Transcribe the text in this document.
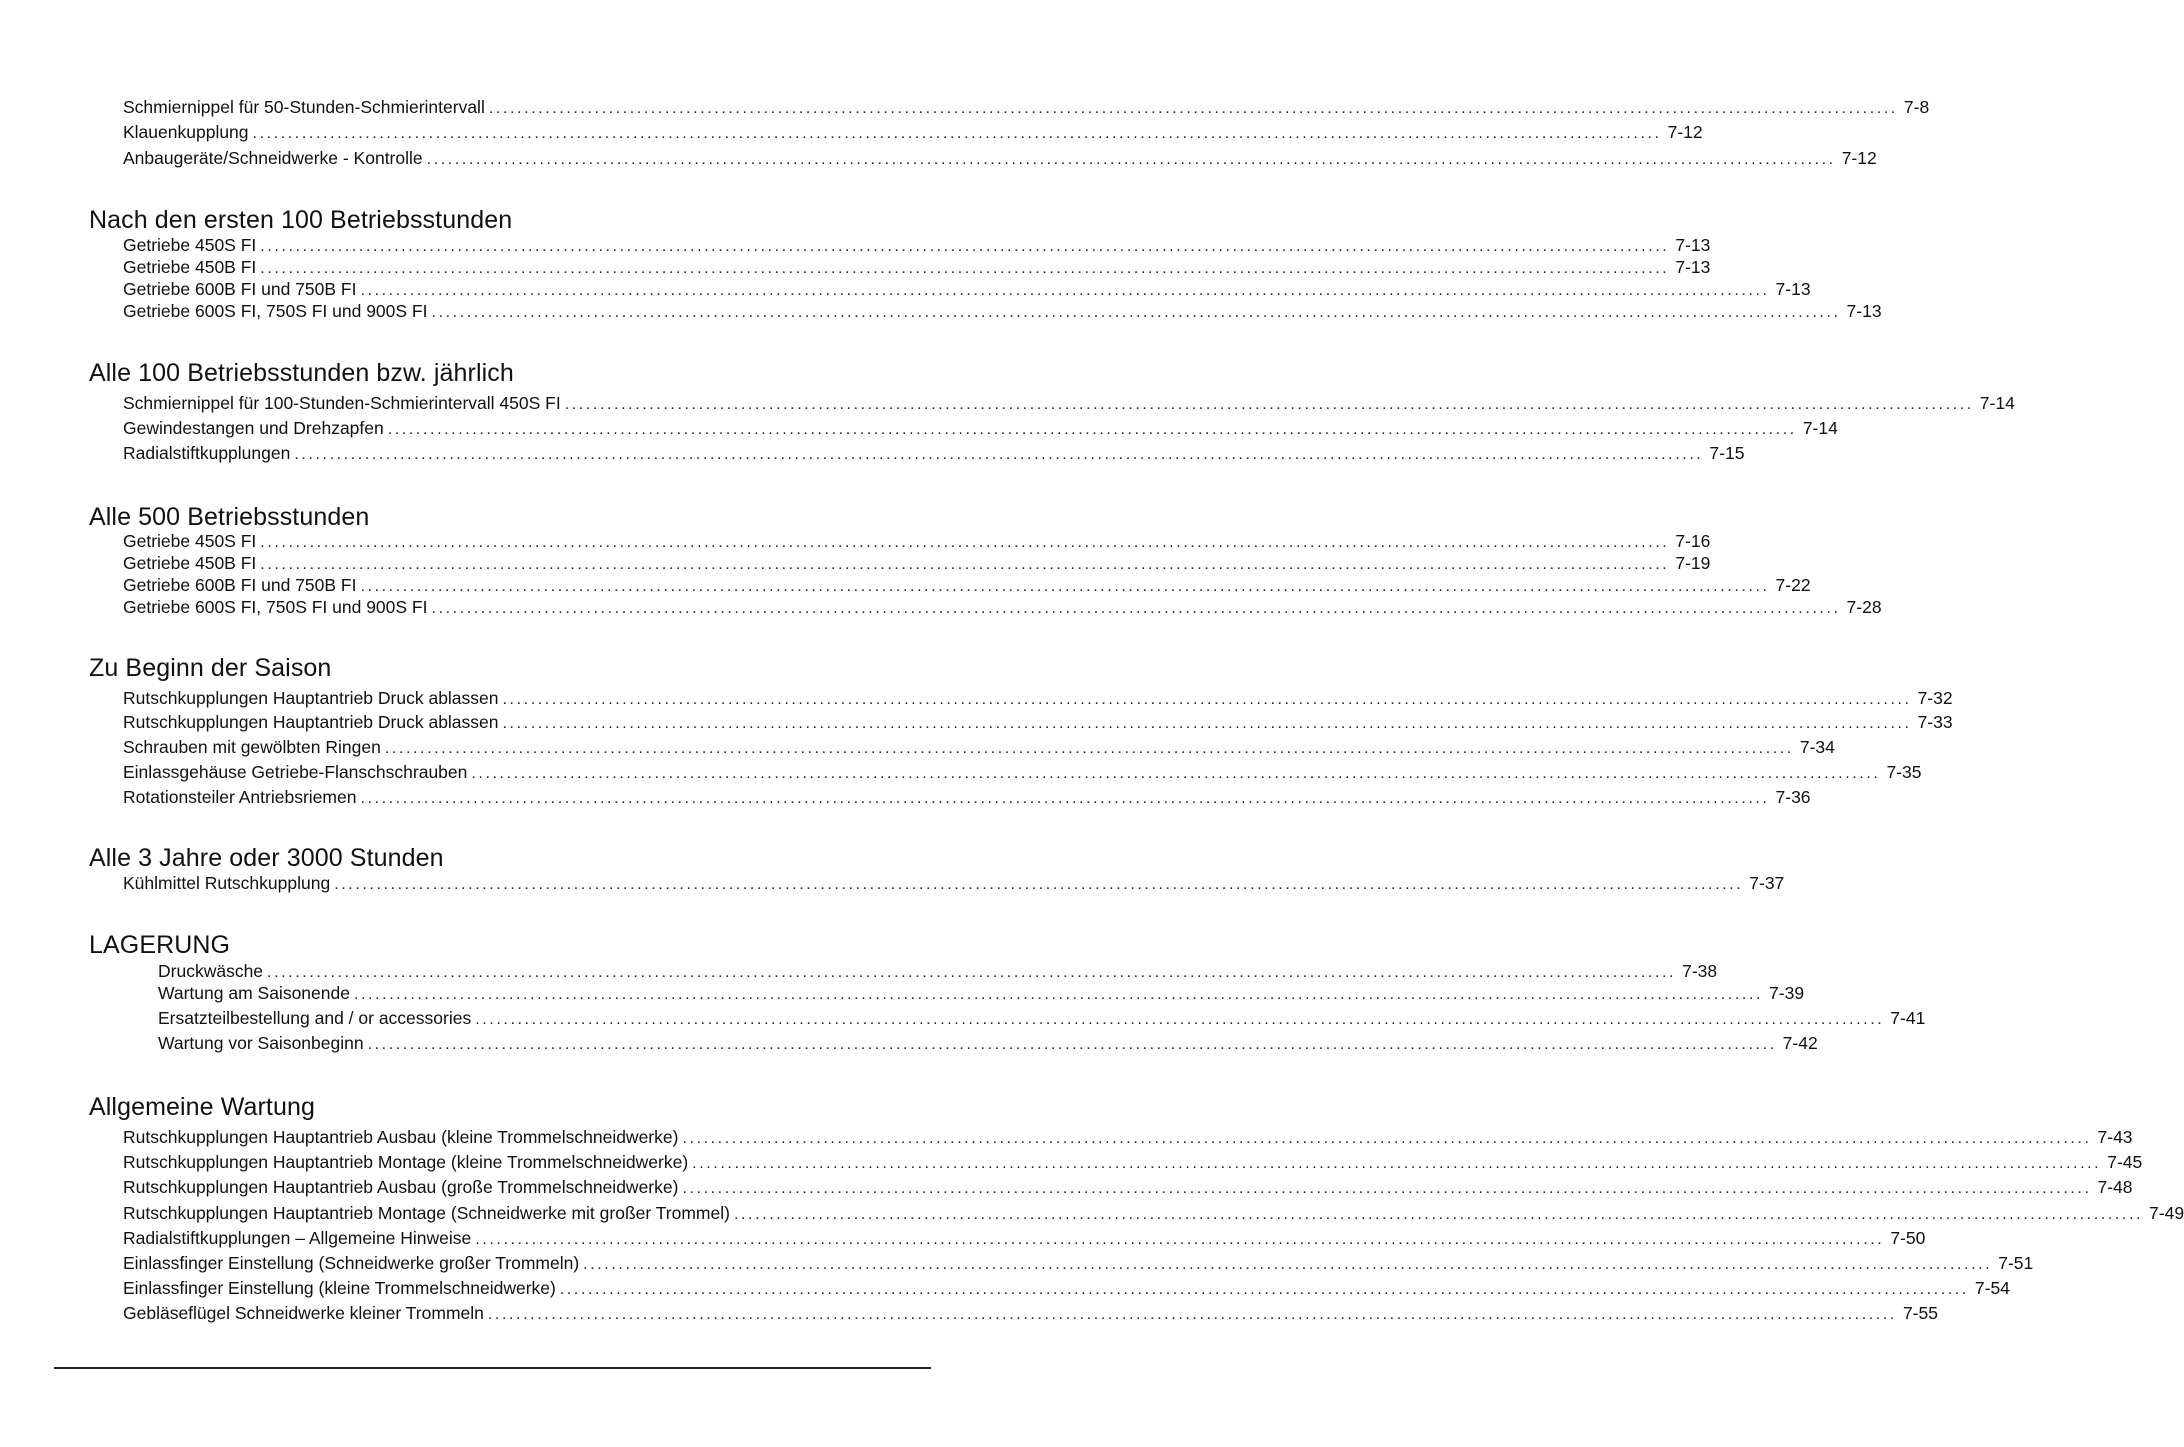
Schmiernippel für 50-Stunden-Schmierintervall ........................................................................................................................................................................................................ 7-8
Klauenkupplung ........................................................................................................................................................................................................ 7-12
Anbaugeräte/Schneidwerke - Kontrolle ........................................................................................................................................................................................................ 7-12
Nach den ersten 100 Betriebsstunden
Getriebe 450S FI ........................................................................................................................................................................................................ 7-13
Getriebe 450B FI ........................................................................................................................................................................................................ 7-13
Getriebe 600B FI und 750B FI ........................................................................................................................................................................................................ 7-13
Getriebe 600S FI, 750S FI und 900S FI ........................................................................................................................................................................................................ 7-13
Alle 100 Betriebsstunden bzw. jährlich
Schmiernippel für 100-Stunden-Schmierintervall 450S FI ........................................................................................................................................................................................................ 7-14
Gewindestangen und Drehzapfen ........................................................................................................................................................................................................ 7-14
Radialstiftkupplungen ........................................................................................................................................................................................................ 7-15
Alle 500 Betriebsstunden
Getriebe 450S FI ........................................................................................................................................................................................................ 7-16
Getriebe 450B FI ........................................................................................................................................................................................................ 7-19
Getriebe 600B FI und 750B FI ........................................................................................................................................................................................................ 7-22
Getriebe 600S FI, 750S FI und 900S FI ........................................................................................................................................................................................................ 7-28
Zu Beginn der Saison
Rutschkupplungen Hauptantrieb Druck ablassen ........................................................................................................................................................................................................ 7-32
Rutschkupplungen Hauptantrieb Druck ablassen ........................................................................................................................................................................................................ 7-33
Schrauben mit gewölbten Ringen ........................................................................................................................................................................................................ 7-34
Einlassgehäuse Getriebe-Flanschschrauben ........................................................................................................................................................................................................ 7-35
Rotationsteiler Antriebsriemen ........................................................................................................................................................................................................ 7-36
Alle 3 Jahre oder 3000 Stunden
Kühlmittel Rutschkupplung ........................................................................................................................................................................................................ 7-37
LAGERUNG
Druckwäsche ........................................................................................................................................................................................................ 7-38
Wartung am Saisonende ........................................................................................................................................................................................................ 7-39
Ersatzteilbestellung and / or accessories ........................................................................................................................................................................................................ 7-41
Wartung vor Saisonbeginn ........................................................................................................................................................................................................ 7-42
Allgemeine Wartung
Rutschkupplungen Hauptantrieb Ausbau (kleine Trommelschneidwerke) ........................................................................................................................................................................................................ 7-43
Rutschkupplungen Hauptantrieb Montage (kleine Trommelschneidwerke) ........................................................................................................................................................................................................ 7-45
Rutschkupplungen Hauptantrieb Ausbau (große Trommelschneidwerke) ........................................................................................................................................................................................................ 7-48
Rutschkupplungen Hauptantrieb Montage (Schneidwerke mit großer Trommel) ........................................................................................................................................................................................................ 7-49
Radialstiftkupplungen – Allgemeine Hinweise ........................................................................................................................................................................................................ 7-50
Einlassfinger Einstellung (Schneidwerke großer Trommeln) ........................................................................................................................................................................................................ 7-51
Einlassfinger Einstellung (kleine Trommelschneidwerke) ........................................................................................................................................................................................................ 7-54
Gebläseflügel Schneidwerke kleiner Trommeln ........................................................................................................................................................................................................ 7-55
